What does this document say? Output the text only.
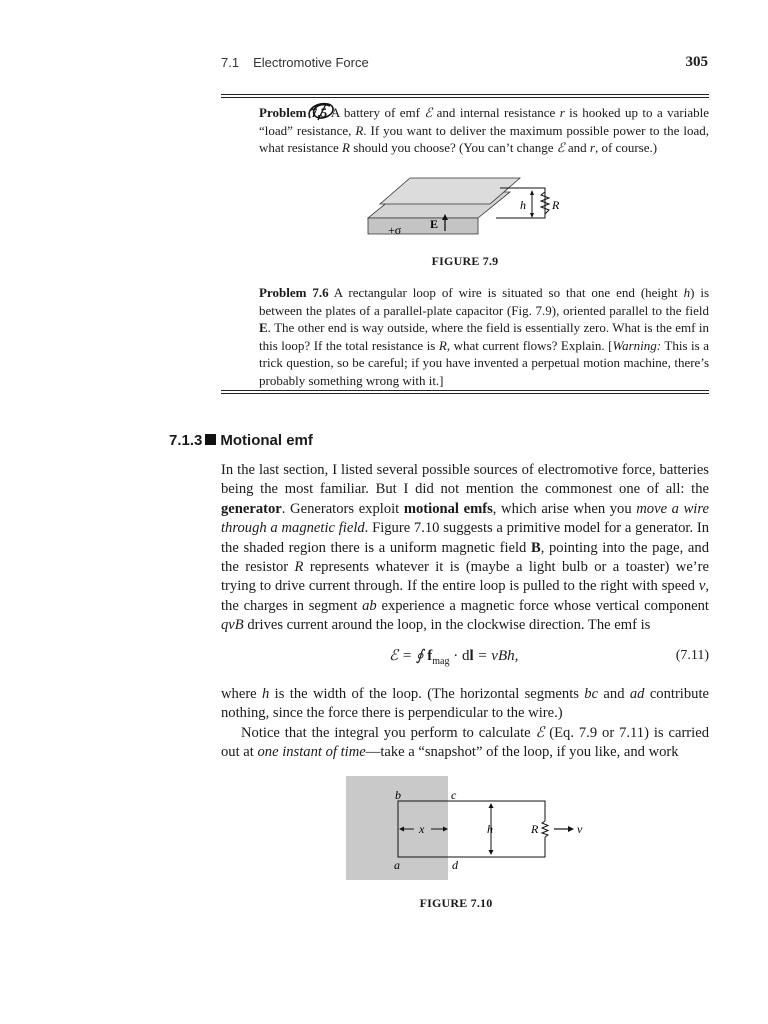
7.1 Electromotive Force	305
Problem 7.5 A battery of emf ℰ and internal resistance r is hooked up to a variable “load” resistance, R. If you want to deliver the maximum possible power to the load, what resistance R should you choose? (You can’t change ℰ and r, of course.)
+σ E
h R
FIGURE 7.9
Problem 7.6 A rectangular loop of wire is situated so that one end (height h) is between the plates of a parallel-plate capacitor (Fig. 7.9), oriented parallel to the field E. The other end is way outside, where the field is essentially zero. What is the emf in this loop? If the total resistance is R, what current flows? Explain. [Warning: This is a trick question, so be careful; if you have invented a perpetual motion machine, there’s probably something wrong with it.]
7.1.3 Motional emf

In the last section, I listed several possible sources of electromotive force, batteries being the most familiar. But I did not mention the commonest one of all: the generator. Generators exploit motional emfs, which arise when you move a wire through a magnetic field. Figure 7.10 suggests a primitive model for a generator. In the shaded region there is a uniform magnetic field B, pointing into the page, and the resistor R represents whatever it is (maybe a light bulb or a toaster) we’re trying to drive current through. If the entire loop is pulled to the right with speed v, the charges in segment ab experience a magnetic force whose vertical component qvB drives current around the loop, in the clockwise direction. The emf is

ℰ = ∮ $f_{mag}$ · dl = vBh,	(7.11)

where h is the width of the loop. (The horizontal segments bc and ad contribute nothing, since the force there is perpendicular to the wire.)

Notice that the integral you perform to calculate ℰ (Eq. 7.9 or 7.11) is carried out at one instant of time—take a “snapshot” of the loop, if you like, and work

b	c
a	d
x	h	R	v
FIGURE 7.10
